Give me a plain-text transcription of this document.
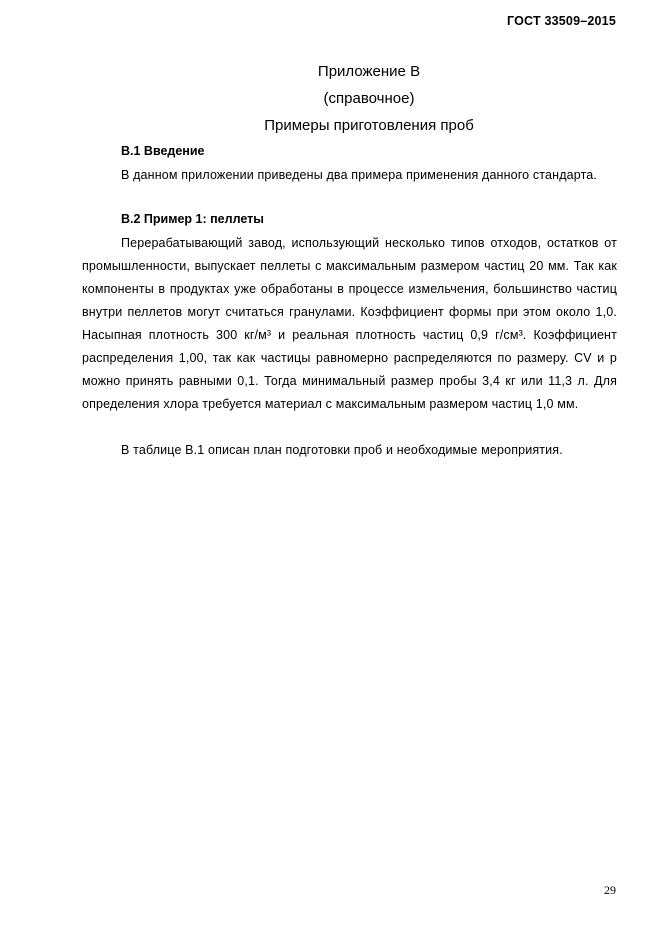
ГОСТ 33509–2015
Приложение В
(справочное)
Примеры приготовления проб
В.1 Введение
В данном приложении приведены два примера применения данного стандарта.
В.2 Пример 1: пеллеты
Перерабатывающий завод, использующий несколько типов отходов, остатков от промышленности, выпускает пеллеты с максимальным размером частиц 20 мм. Так как компоненты в продуктах уже обработаны в процессе измельчения, большинство частиц внутри пеллетов могут считаться гранулами. Коэффициент формы при этом около 1,0. Насыпная плотность 300 кг/м³ и реальная плотность частиц 0,9 г/см³. Коэффициент распределения 1,00, так как частицы равномерно распределяются по размеру. CV и p можно принять равными 0,1. Тогда минимальный размер пробы 3,4 кг или 11,3 л. Для определения хлора требуется материал с максимальным размером частиц 1,0 мм.
В таблице В.1 описан план подготовки проб и необходимые мероприятия.
29
